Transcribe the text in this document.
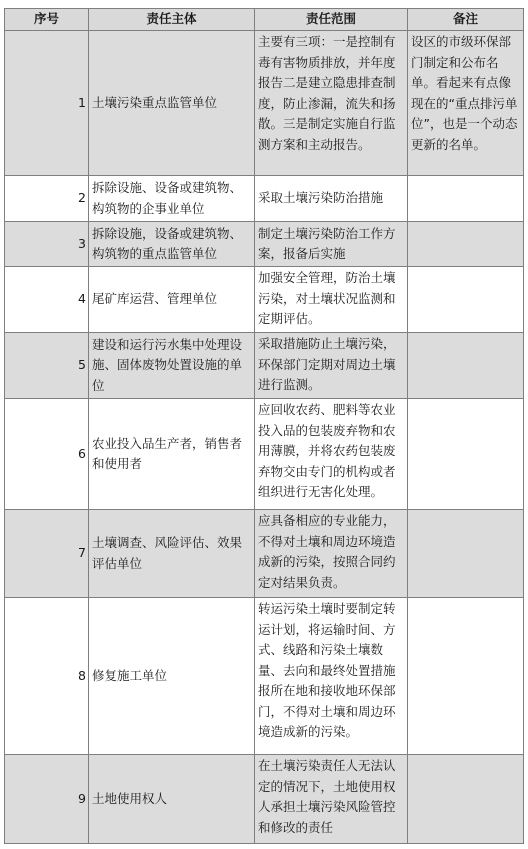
序号	责任主体	责任范围	备注
1	土壤污染重点监管单位	主要有三项：一是控制有毒有害物质排放，并年度报告二是建立隐患排查制度，防止渗漏，流失和扬散。三是制定实施自行监测方案和主动报告。	设区的市级环保部门制定和公布名单。看起来有点像现在的“重点排污单位”，也是一个动态更新的名单。
2	拆除设施、设备或建筑物、构筑物的企事业单位	采取土壤污染防治措施	
3	拆除设施，设备或建筑物、构筑物的重点监管单位	制定土壤污染防治工作方案，报备后实施	
4	尾矿库运营、管理单位	加强安全管理，防治土壤污染，对土壤状况监测和定期评估。	
5	建设和运行污水集中处理设施、固体废物处置设施的单位	采取措施防止土壤污染，环保部门定期对周边土壤进行监测。	
6	农业投入品生产者，销售者和使用者	应回收农药、肥料等农业投入品的包装废弃物和农用薄膜，并将农药包装废弃物交由专门的机构或者组织进行无害化处理。	
7	土壤调查、风险评估、效果评估单位	应具备相应的专业能力，不得对土壤和周边环境造成新的污染，按照合同约定对结果负责。	
8	修复施工单位	转运污染土壤时要制定转运计划，将运输时间、方式、线路和污染土壤数量、去向和最终处置措施报所在地和接收地环保部门，不得对土壤和周边环境造成新的污染。	
9	土地使用权人	在土壤污染责任人无法认定的情况下，土地使用权人承担土壤污染风险管控和修改的责任	
